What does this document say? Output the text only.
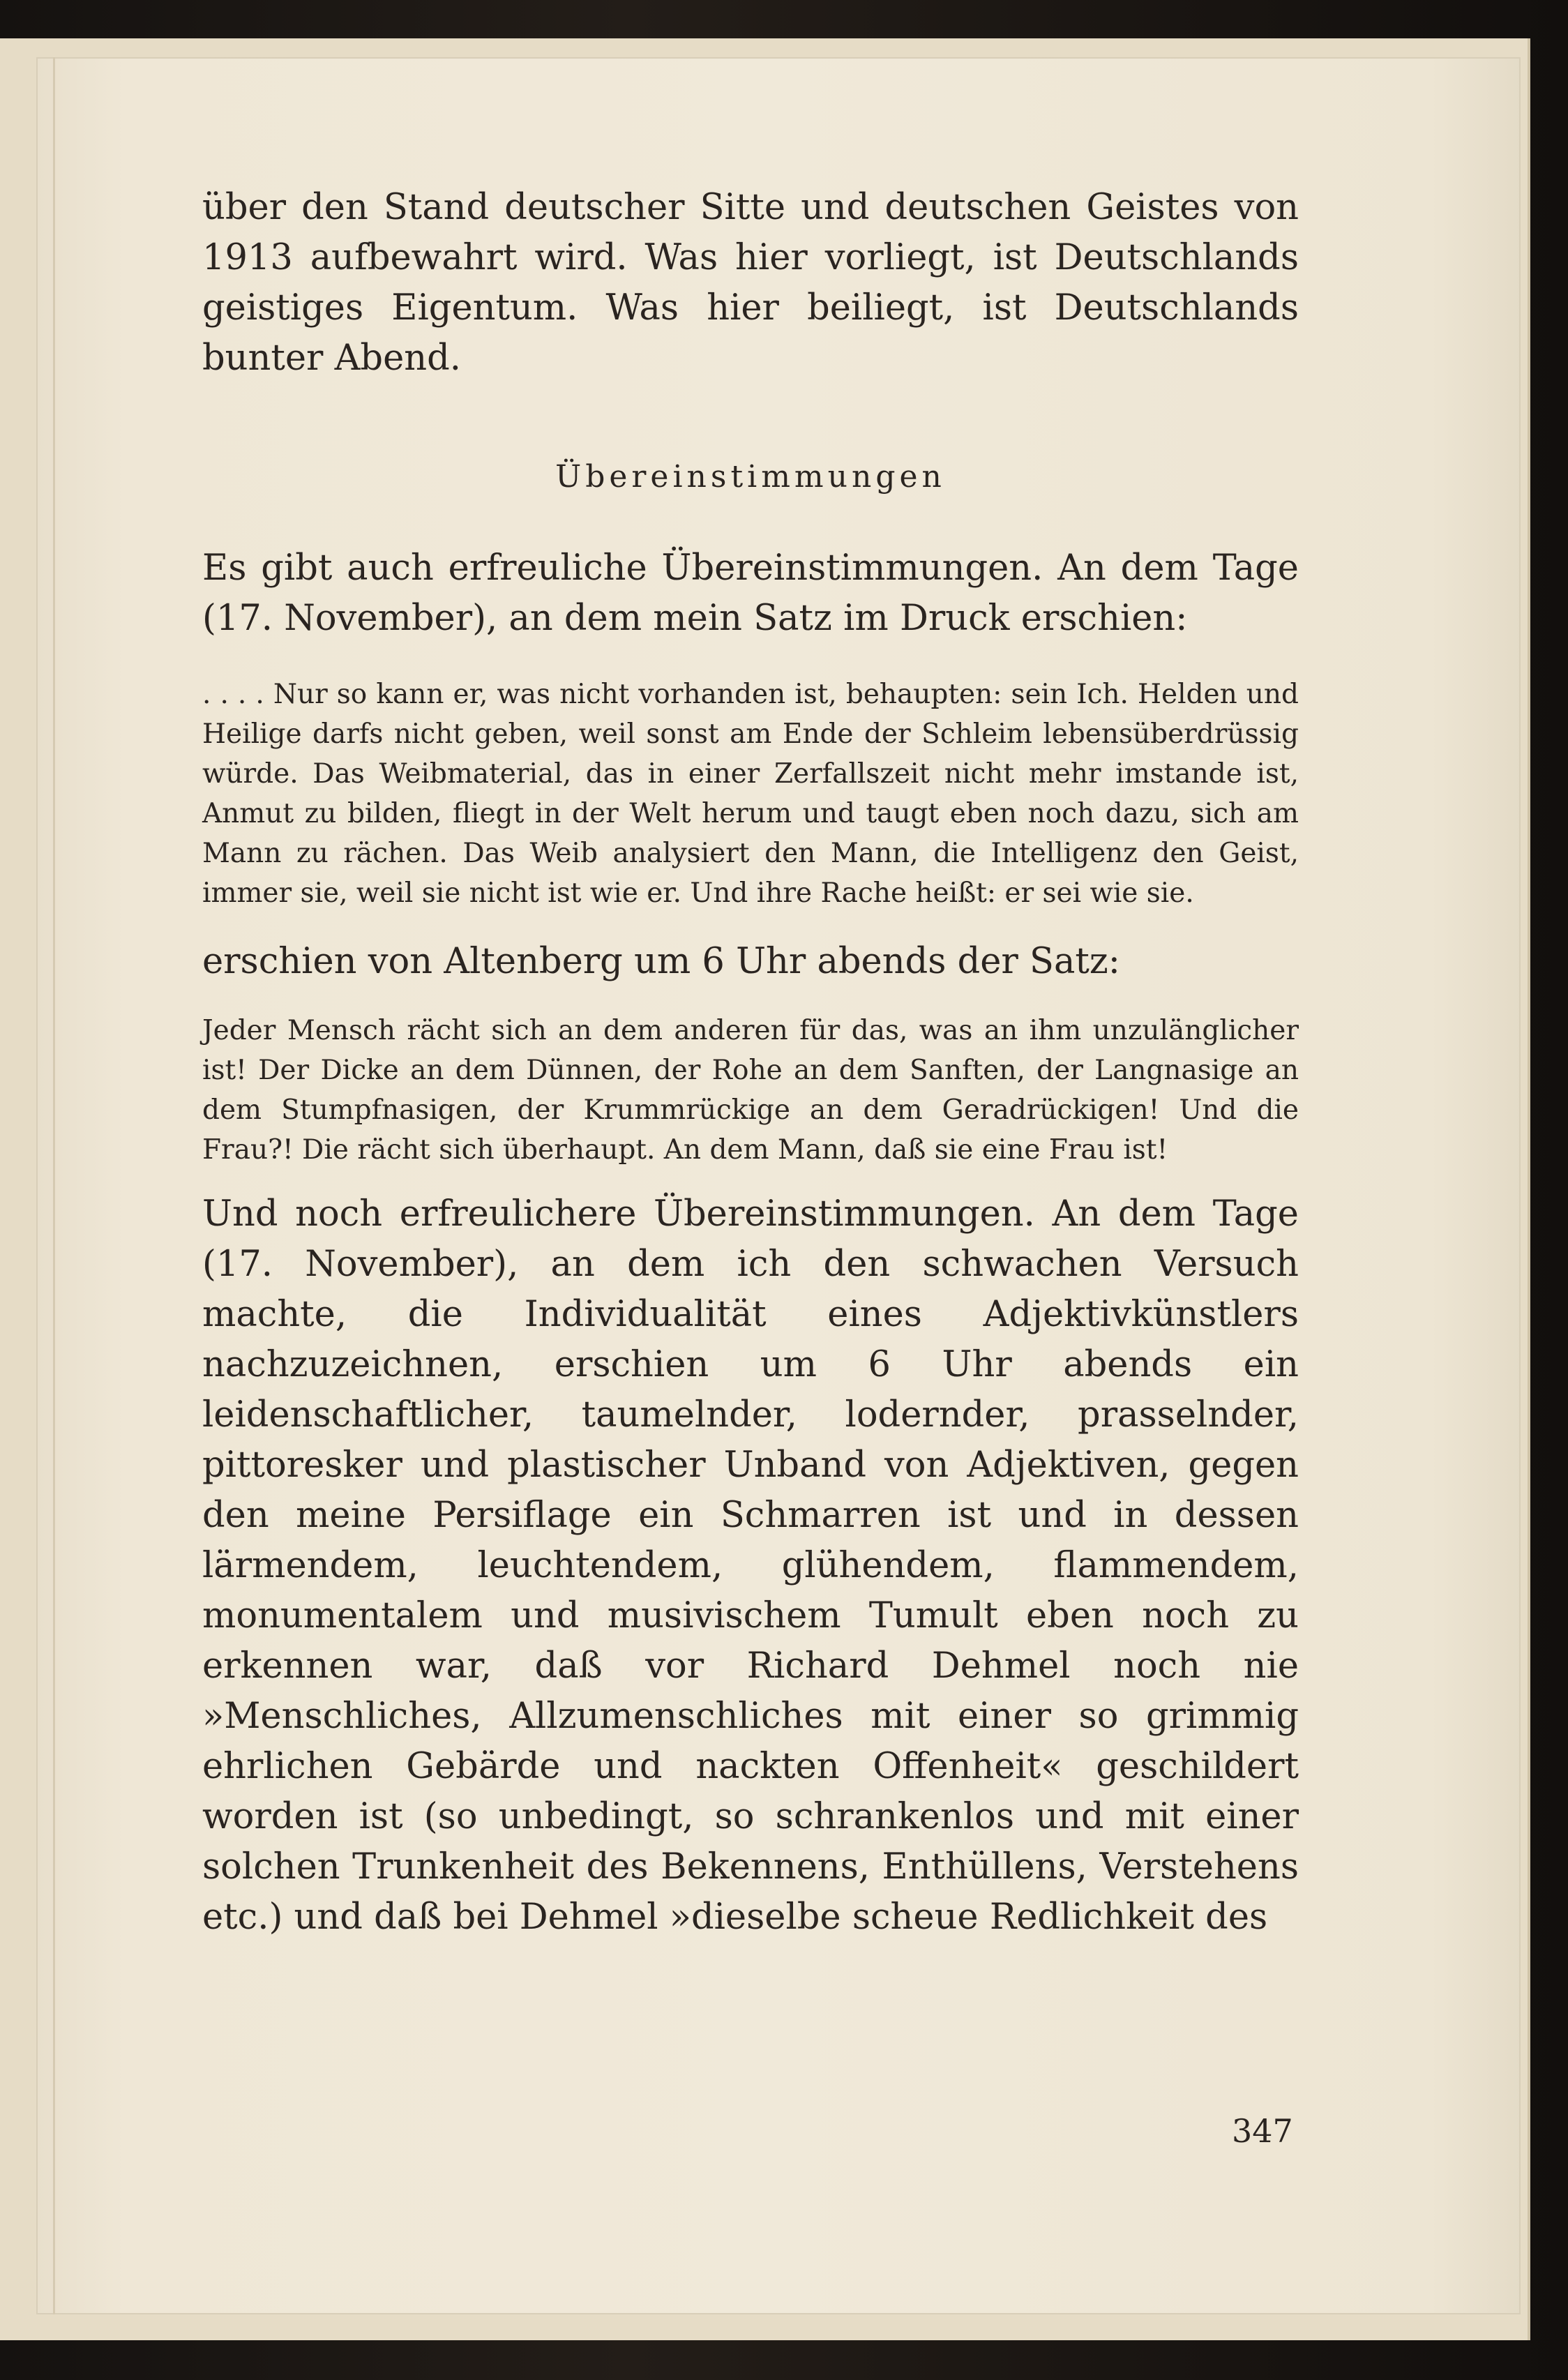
über den Stand deutscher Sitte und deutschen Geistes von 1913 aufbewahrt wird. Was hier vorliegt, ist Deutschlands geistiges Eigentum. Was hier beiliegt, ist Deutschlands bunter Abend.

Übereinstimmungen

Es gibt auch erfreuliche Übereinstimmungen. An dem Tage (17. November), an dem mein Satz im Druck erschien:

. . . . Nur so kann er, was nicht vorhanden ist, behaupten: sein Ich. Helden und Heilige darfs nicht geben, weil sonst am Ende der Schleim lebensüberdrüssig würde. Das Weibmaterial, das in einer Zerfallszeit nicht mehr imstande ist, Anmut zu bilden, fliegt in der Welt herum und taugt eben noch dazu, sich am Mann zu rächen. Das Weib analysiert den Mann, die Intelligenz den Geist, immer sie, weil sie nicht ist wie er. Und ihre Rache heißt: er sei wie sie.

erschien von Altenberg um 6 Uhr abends der Satz:

Jeder Mensch rächt sich an dem anderen für das, was an ihm unzulänglicher ist! Der Dicke an dem Dünnen, der Rohe an dem Sanften, der Langnasige an dem Stumpfnasigen, der Krummrückige an dem Geradrückigen! Und die Frau?! Die rächt sich überhaupt. An dem Mann, daß sie eine Frau ist!

Und noch erfreulichere Übereinstimmungen. An dem Tage (17. November), an dem ich den schwachen Versuch machte, die Individualität eines Adjektivkünstlers nachzuzeichnen, erschien um 6 Uhr abends ein leidenschaftlicher, taumelnder, lodernder, prasselnder, pittoresker und plastischer Unband von Adjektiven, gegen den meine Persiflage ein Schmarren ist und in dessen lärmendem, leuchtendem, glühendem, flammendem, monumentalem und musivischem Tumult eben noch zu erkennen war, daß vor Richard Dehmel noch nie »Menschliches, Allzumenschliches mit einer so grimmig ehrlichen Gebärde und nackten Offenheit« geschildert worden ist (so unbedingt, so schrankenlos und mit einer solchen Trunkenheit des Bekennens, Enthüllens, Verstehens etc.) und daß bei Dehmel »dieselbe scheue Redlichkeit des

347
